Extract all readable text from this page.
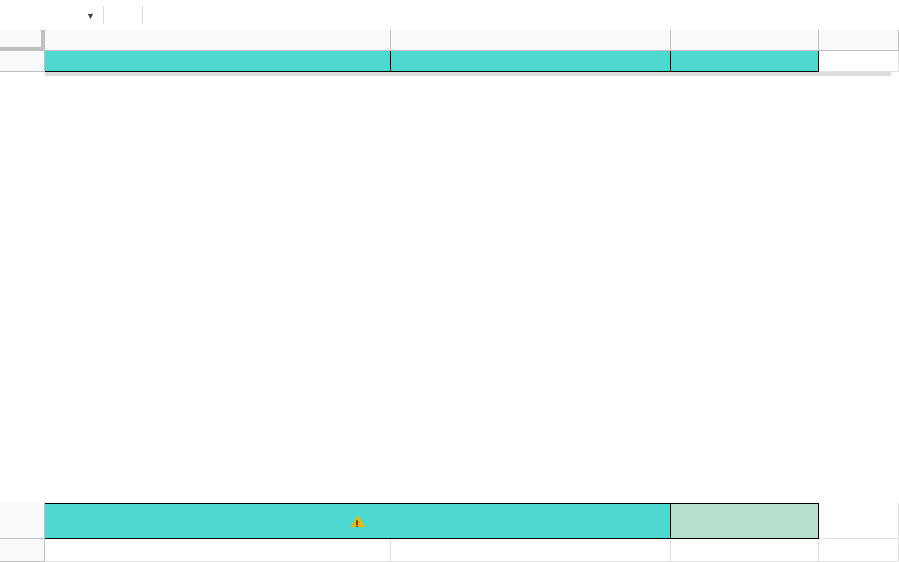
▼
!
